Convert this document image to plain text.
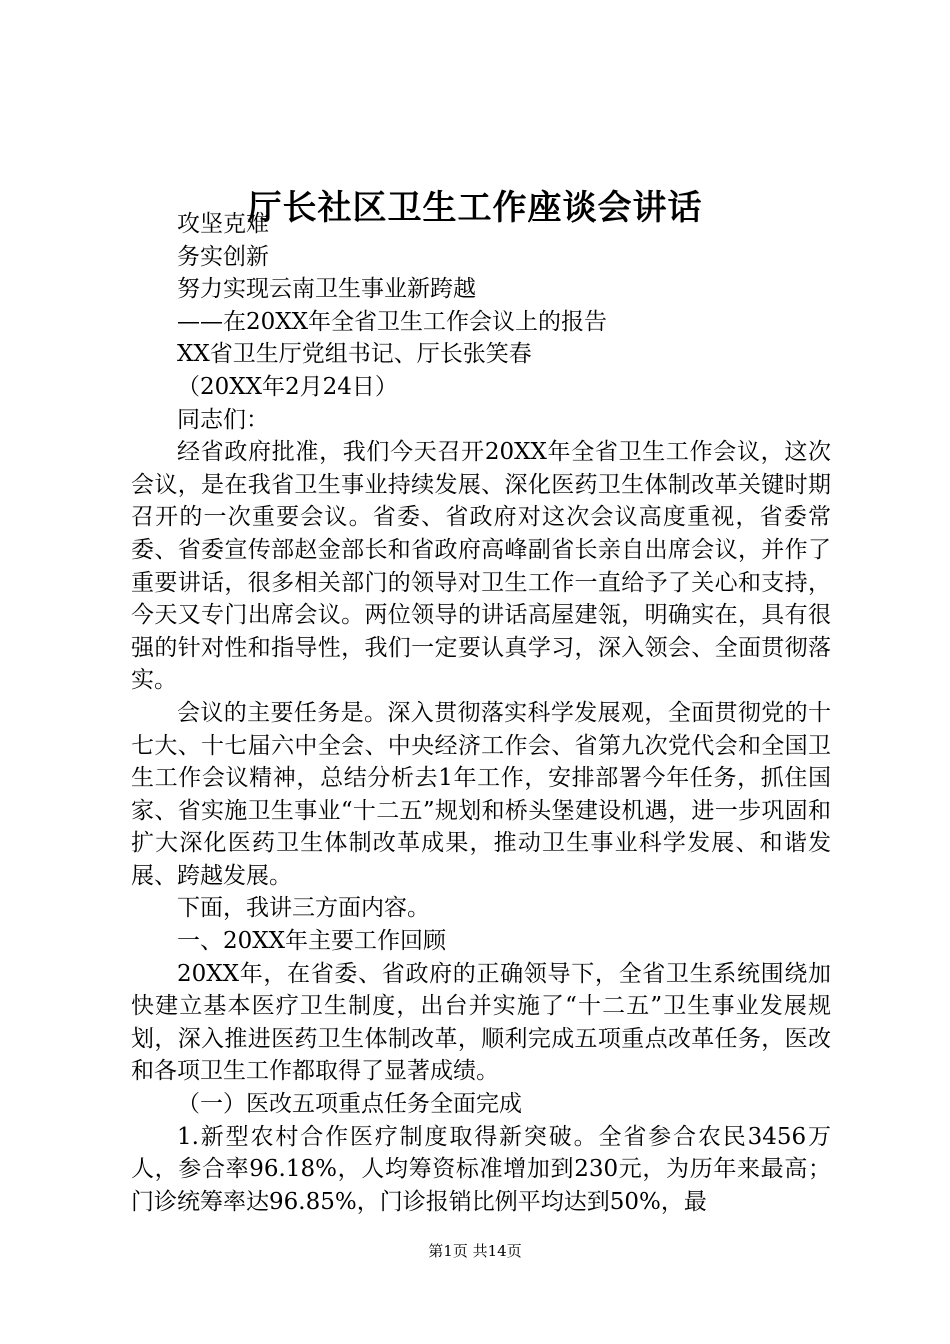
厅长社区卫生工作座谈会讲话

攻坚克难

务实创新

努力实现云南卫生事业新跨越

——在20XX年全省卫生工作会议上的报告

XX省卫生厅党组书记、厅长张笑春

（20XX年2月24日）

同志们：

经省政府批准，我们今天召开20XX年全省卫生工作会议，这次会议，是在我省卫生事业持续发展、深化医药卫生体制改革关键时期召开的一次重要会议。省委、省政府对这次会议高度重视，省委常委、省委宣传部赵金部长和省政府高峰副省长亲自出席会议，并作了重要讲话，很多相关部门的领导对卫生工作一直给予了关心和支持，今天又专门出席会议。两位领导的讲话高屋建瓴，明确实在，具有很强的针对性和指导性，我们一定要认真学习，深入领会、全面贯彻落实。

会议的主要任务是。深入贯彻落实科学发展观，全面贯彻党的十七大、十七届六中全会、中央经济工作会、省第九次党代会和全国卫生工作会议精神，总结分析去1年工作，安排部署今年任务，抓住国家、省实施卫生事业“十二五”规划和桥头堡建设机遇，进一步巩固和扩大深化医药卫生体制改革成果，推动卫生事业科学发展、和谐发展、跨越发展。

下面，我讲三方面内容。

一、20XX年主要工作回顾

20XX年，在省委、省政府的正确领导下，全省卫生系统围绕加快建立基本医疗卫生制度，出台并实施了“十二五”卫生事业发展规划，深入推进医药卫生体制改革，顺利完成五项重点改革任务，医改和各项卫生工作都取得了显著成绩。

（一）医改五项重点任务全面完成

1.新型农村合作医疗制度取得新突破。全省参合农民3456万人，参合率96.18%，人均筹资标准增加到230元，为历年来最高；门诊统筹率达96.85%，门诊报销比例平均达到50%，最

第1页 共14页
